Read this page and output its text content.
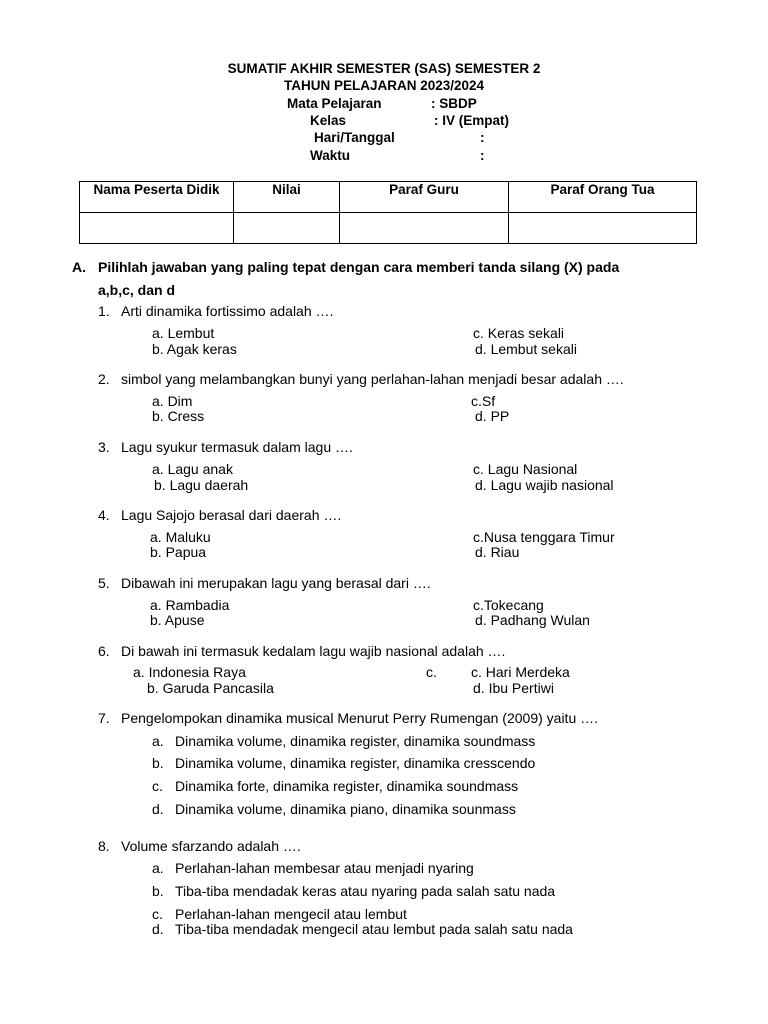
SUMATIF AKHIR SEMESTER (SAS) SEMESTER 2
TAHUN PELAJARAN 2023/2024
Mata Pelajaran	: SBDP
Kelas	: IV (Empat)
Hari/Tanggal	:
Waktu	:
Nama Peserta Didik	Nilai	Paraf Guru	Paraf Orang Tua

A. Pilihlah jawaban yang paling tepat dengan cara memberi tanda silang (X) pada
a,b,c, dan d
1. Arti dinamika fortissimo adalah ….
a. Lembut
b. Agak keras
c. Keras sekali
d. Lembut sekali
2. simbol yang melambangkan bunyi yang perlahan-lahan menjadi besar adalah ….
a. Dim
b. Cress
c.Sf
d. PP
3. Lagu syukur termasuk dalam lagu ….
a. Lagu anak
b. Lagu daerah
c. Lagu Nasional
d. Lagu wajib nasional
4. Lagu Sajojo berasal dari daerah ….
a. Maluku
b. Papua
c.Nusa tenggara Timur
d. Riau
5. Dibawah ini merupakan lagu yang berasal dari ….
a. Rambadia
b. Apuse
c.Tokecang
d. Padhang Wulan
6. Di bawah ini termasuk kedalam lagu wajib nasional adalah ….
a. Indonesia Raya
b. Garuda Pancasila
c. c. Hari Merdeka
d. Ibu Pertiwi
7. Pengelompokan dinamika musical Menurut Perry Rumengan (2009) yaitu ….
a. Dinamika volume, dinamika register, dinamika soundmass
b. Dinamika volume, dinamika register, dinamika cresscendo
c. Dinamika forte, dinamika register, dinamika soundmass
d. Dinamika volume, dinamika piano, dinamika sounmass
8. Volume sfarzando adalah ….
a. Perlahan-lahan membesar atau menjadi nyaring
b. Tiba-tiba mendadak keras atau nyaring pada salah satu nada
c. Perlahan-lahan mengecil atau lembut
d. Tiba-tiba mendadak mengecil atau lembut pada salah satu nada
